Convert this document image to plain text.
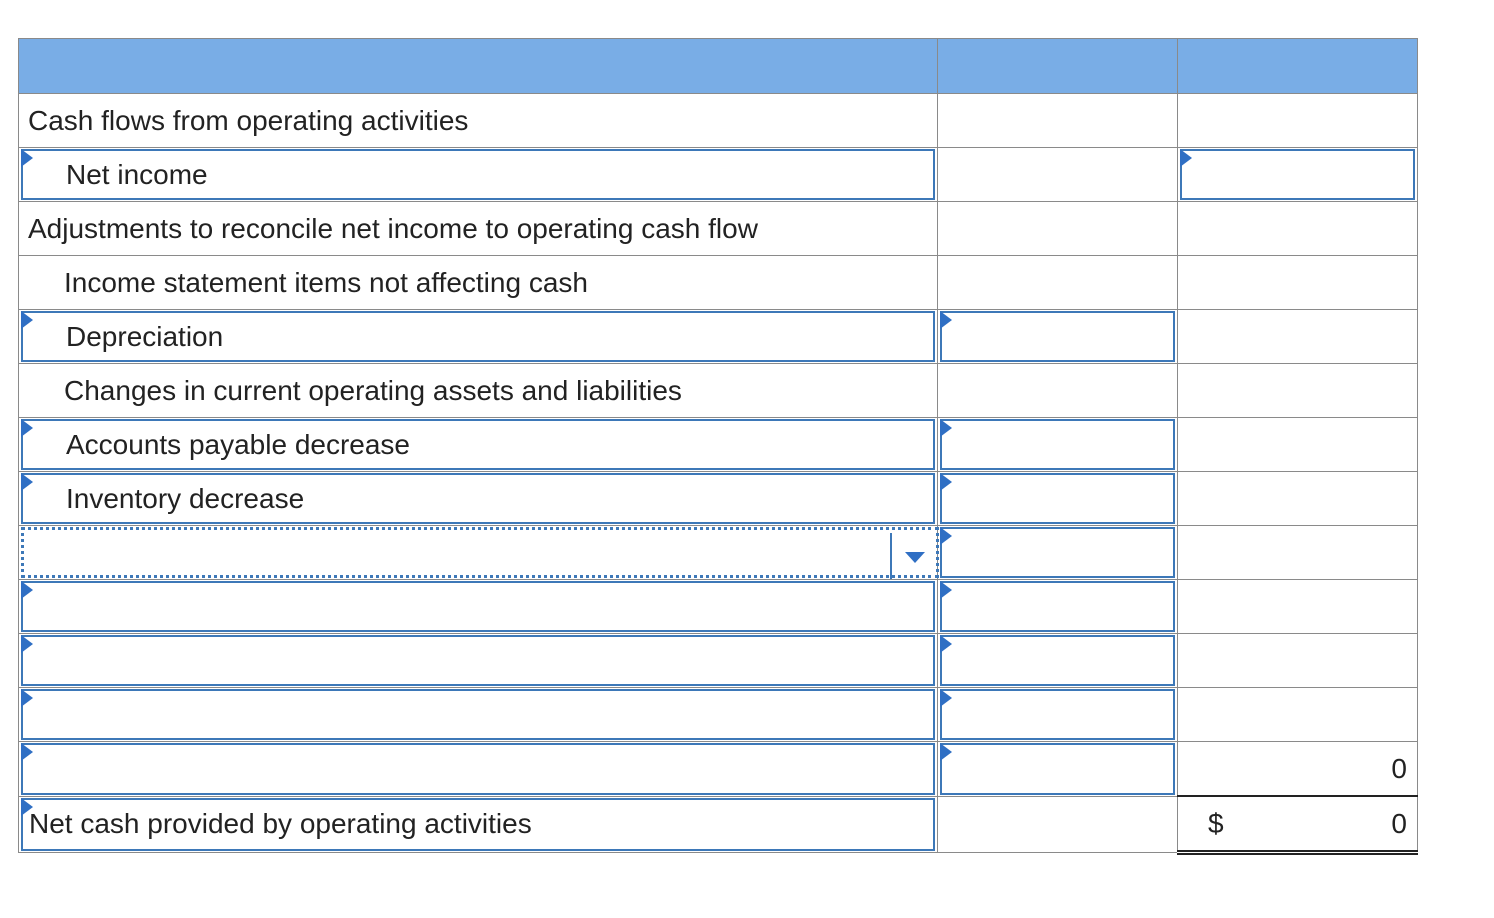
Cash flows from operating activities		

Net income		

Adjustments to reconcile net income to operating cash flow		

Income statement items not affecting cash		

Depreciation		

Changes in current operating assets and liabilities		

Accounts payable decrease		

Inventory decrease		

		0

Net cash provided by operating activities		$ 0
